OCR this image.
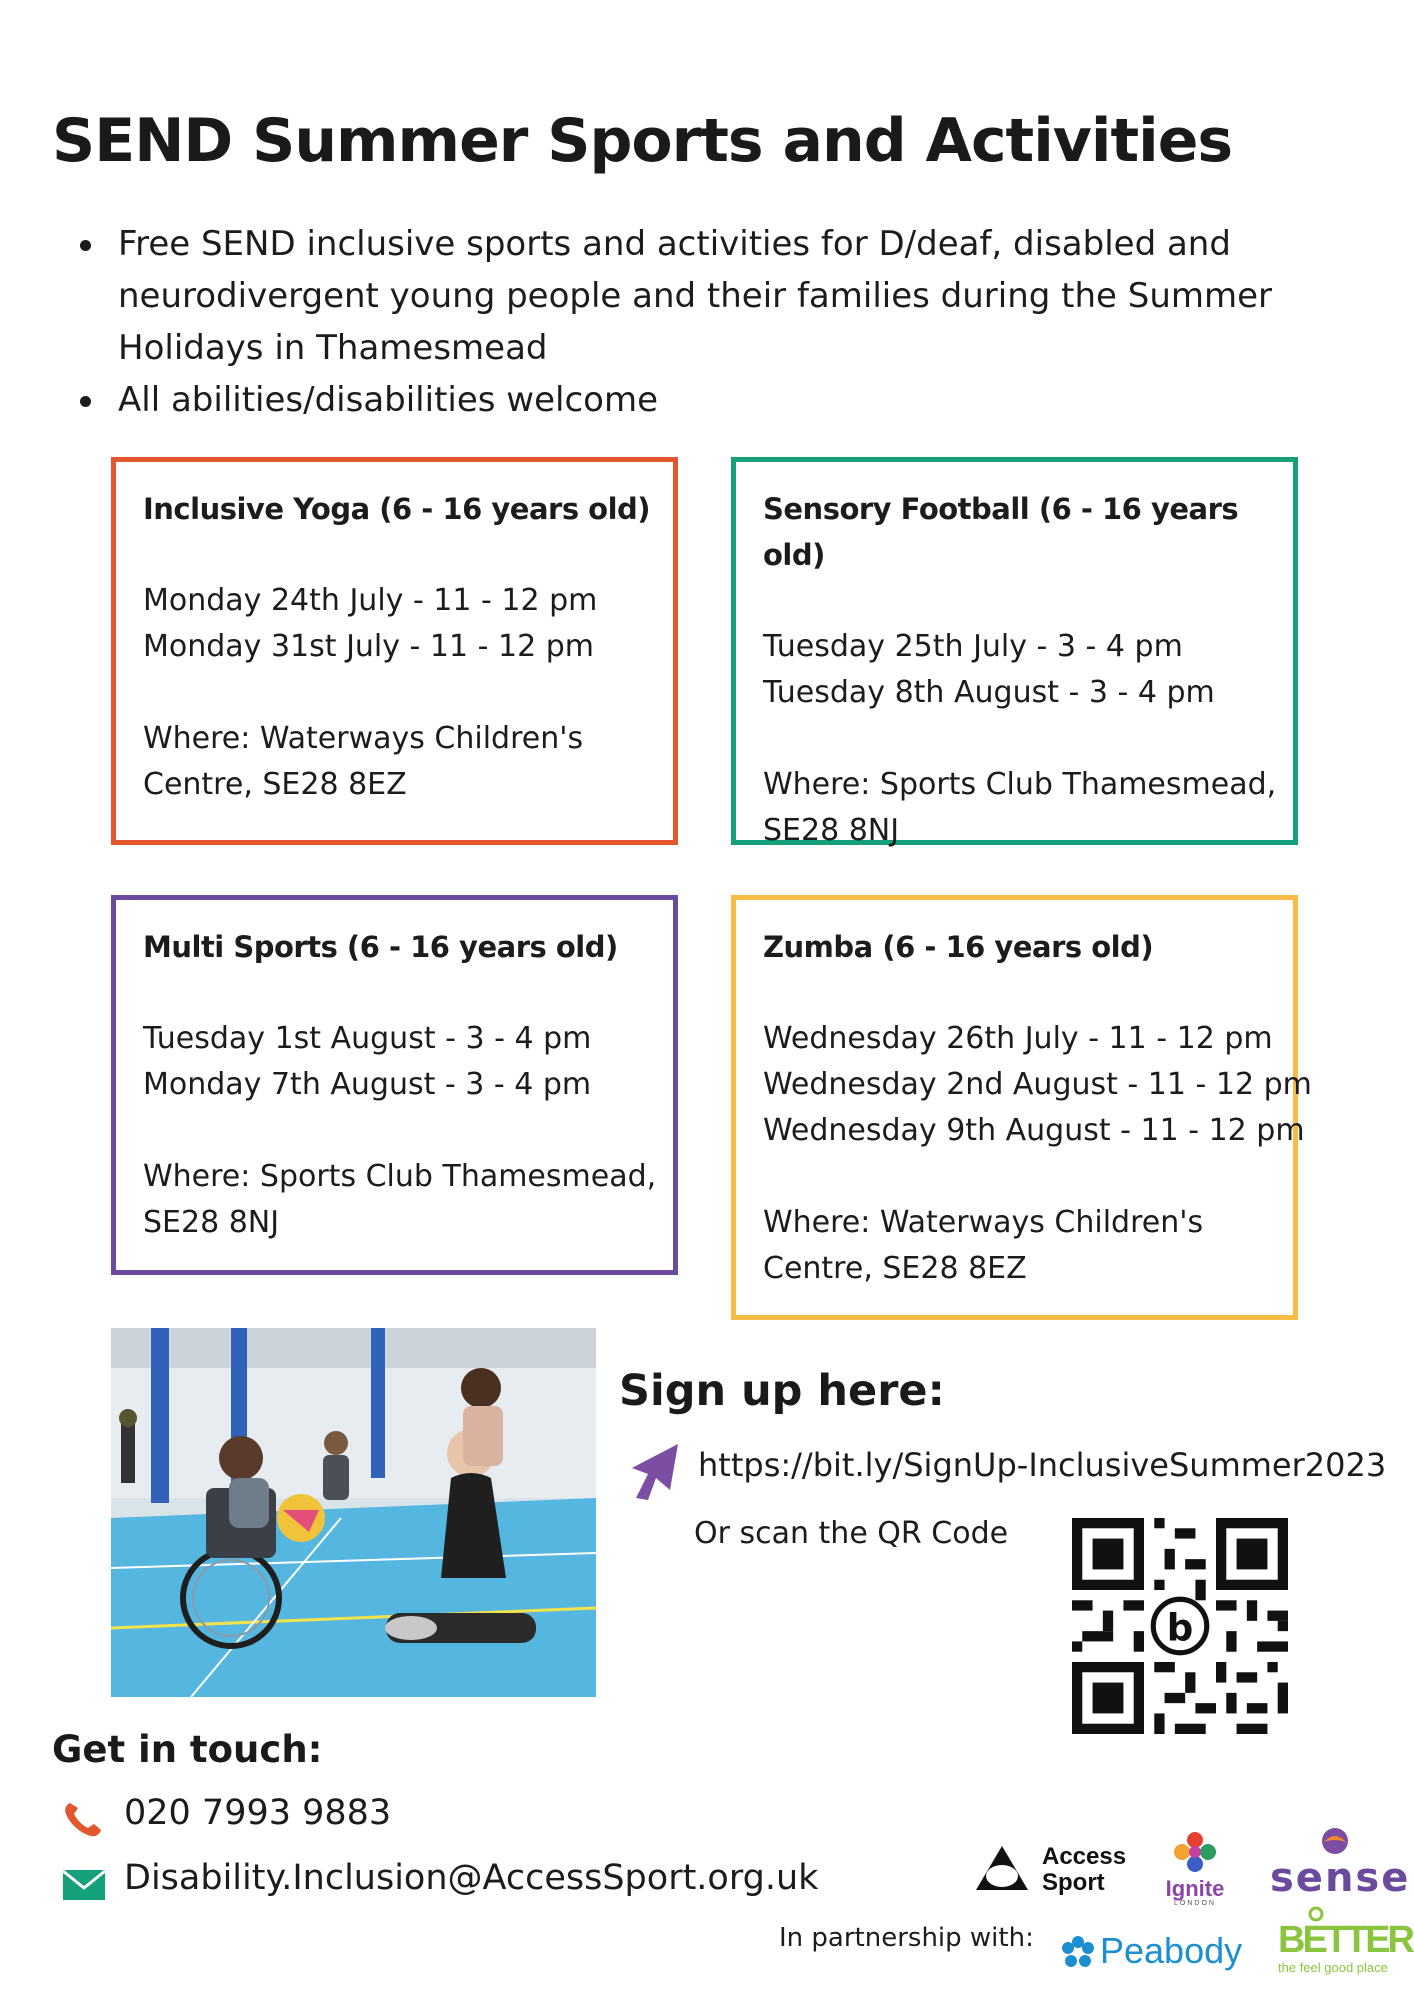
SEND Summer Sports and Activities
Free SEND inclusive sports and activities for D/deaf, disabled and neurodivergent young people and their families during the Summer Holidays in Thamesmead
All abilities/disabilities welcome
Inclusive Yoga (6 - 16 years old)
Monday 24th July - 11 - 12 pm
Monday 31st July - 11 - 12 pm
Where: Waterways Children's Centre, SE28 8EZ
Sensory Football (6 - 16 years old)
Tuesday 25th July - 3 - 4 pm
Tuesday 8th August - 3 - 4 pm
Where: Sports Club Thamesmead, SE28 8NJ
Multi Sports (6 - 16 years old)
Tuesday 1st August - 3 - 4 pm
Monday 7th August - 3 - 4 pm
Where: Sports Club Thamesmead, SE28 8NJ
Zumba (6 - 16 years old)
Wednesday 26th July - 11 - 12 pm
Wednesday 2nd August - 11 - 12 pm
Wednesday 9th August - 11 - 12 pm
Where: Waterways Children's Centre, SE28 8EZ
Sign up here:
https://bit.ly/SignUp-InclusiveSummer2023
Or scan the QR Code
b
Get in touch:
020 7993 9883
Disability.Inclusion@AccessSport.org.uk
In partnership with:
Access
Sport	Ignite
LONDON
sense
Peabody BETTER
the feel good place
